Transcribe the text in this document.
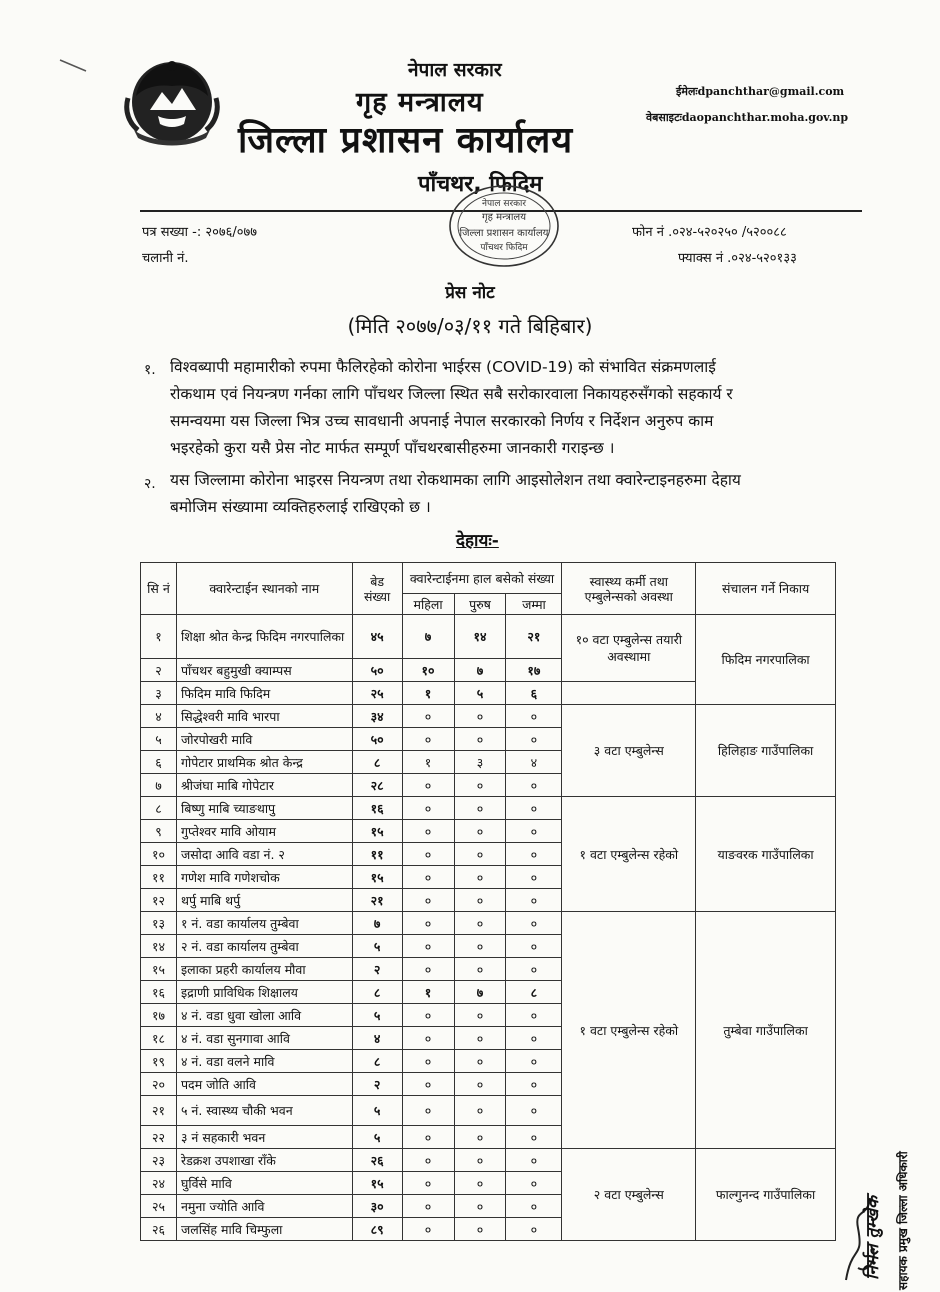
नेपाल सरकार
गृह मन्त्रालय
जिल्ला प्रशासन कार्यालय
पाँचथर, फिदिम
ईमेलःdpanchthar@gmail.com
वेबसाइटःdaopanchthar.moha.gov.np
पत्र सख्या -: २०७६/०७७
चलानी नं.
फोन नं .०२४-५२०२५० /५२००८८
फ्याक्स नं .०२४-५२०१३३
नेपाल सरकार
गृह मन्त्रालय
जिल्ला प्रशासन कार्यालय
पाँचथर फिदिम
प्रेस नोट
(मिति २०७७/०३/११ गते बिहिबार)
१. विश्वब्यापी महामारीको रुपमा फैलिरहेको कोरोना भाईरस (COVID-19) को संभावित संक्रमणलाई
रोकथाम एवं नियन्त्रण गर्नका लागि पाँचथर जिल्ला स्थित सबै सरोकारवाला निकायहरुसँगको सहकार्य र
समन्वयमा यस जिल्ला भित्र उच्च सावधानी अपनाई नेपाल सरकारको निर्णय र निर्देशन अनुरुप काम
भइरहेको कुरा यसै प्रेस नोट मार्फत सम्पूर्ण पाँचथरबासीहरुमा जानकारी गराइन्छ ।
२. यस जिल्लामा कोरोना भाइरस नियन्त्रण तथा रोकथामका लागि आइसोलेशन तथा क्वारेन्टाइनहरुमा देहाय
बमोजिम संख्यामा व्यक्तिहरुलाई राखिएको छ ।
देहायः-
सि नं	क्वारेन्टाईन स्थानको नाम	बेड संख्या	क्वारेन्टाईनमा हाल बसेको संख्या			स्वास्थ्य कर्मी तथा एम्बुलेन्सको अवस्था	संचालन गर्ने निकाय
			महिला	पुरुष	जम्मा		
१	शिक्षा श्रोत केन्द्र फिदिम नगरपालिका	४५	७	१४	२१	१० वटा एम्बुलेन्स तयारी अवस्थामा	फिदिम नगरपालिका
२	पाँचथर बहुमुखी क्याम्पस	५०	१०	७	१७		
३	फिदिम मावि फिदिम	२५	१	५	६		
४	सिद्धेश्वरी मावि भारपा	३४	०	०	०	३ वटा एम्बुलेन्स	हिलिहाङ गाउँपालिका
५	जोरपोखरी मावि	५०	०	०	०		
६	गोपेटार प्राथमिक श्रोत केन्द्र	८	१	३	४		
७	श्रीजंघा माबि गोपेटार	२८	०	०	०		
८	बिष्णु माबि च्याङथापु	१६	०	०	०	१ वटा एम्बुलेन्स रहेको	याङवरक गाउँपालिका
९	गुप्तेश्वर मावि ओयाम	१५	०	०	०		
१०	जसोदा आवि वडा नं. २	११	०	०	०		
११	गणेश मावि गणेशचोक	१५	०	०	०		
१२	थर्पु माबि थर्पु	२१	०	०	०		
१३	१ नं. वडा कार्यालय तुम्बेवा	७	०	०	०	१ वटा एम्बुलेन्स रहेको	तुम्बेवा गाउँपालिका
१४	२ नं. वडा कार्यालय तुम्बेवा	५	०	०	०		
१५	इलाका प्रहरी कार्यालय मौवा	२	०	०	०		
१६	इद्राणी प्राविधिक शिक्षालय	८	१	७	८		
१७	४ नं. वडा धुवा खोला आवि	५	०	०	०		
१८	४ नं. वडा सुनगावा आवि	४	०	०	०		
१९	४ नं. वडा वलने मावि	८	०	०	०		
२०	पदम जोति आवि	२	०	०	०		
२१	५ नं. स्वास्थ्य चौकी भवन	५	०	०	०		
२२	३ नं सहकारी भवन	५	०	०	०		
२३	रेडक्रश उपशाखा राँके	२६	०	०	०	२ वटा एम्बुलेन्स	फाल्गुनन्द गाउँपालिका
२४	घुर्विसे मावि	१५	०	०	०		
२५	नमुना ज्योति आवि	३०	०	०	०		
२६	जलसिंह मावि चिम्फुला	८९	०	०	०			निर्मल तुम्खेक सहायक प्रमुख जिल्ला अधिकारी
